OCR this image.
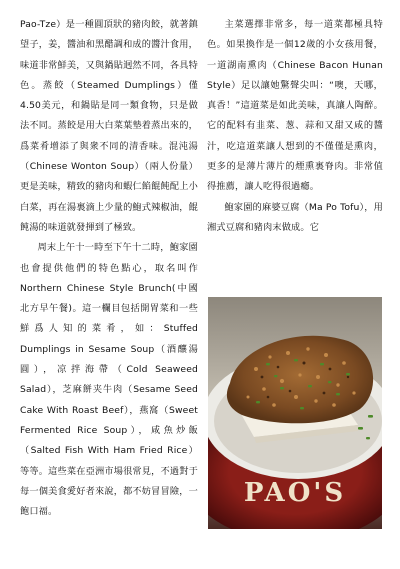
Pao-Tze）是一種圓頂狀的豬肉餃，就著鎮望子，姜，醬油和黑醋調和成的醬汁食用，味道非常鮮美，又與鍋貼迥然不同，各具特色。蒸餃（Steamed Dumplings）僅4.50美元，和鍋貼是同一類食物，只是做法不同。蒸餃是用大白菜葉墊着蒸出來的，爲菜肴增添了與衆不同的清香味。混沌湯（Chinese Wonton Soup）（兩人份量）更是美味，精致的豬肉和蝦仁餡餛飩配上小白菜，再在湯裏滴上少量的鮑式辣椒油，餛飩湯的味道就發揮到了極致。

周末上午十一時至下午十二時，鮑家園也會提供他們的特色點心，取名叫作Northern Chinese Style Brunch(中國北方早午餐)。這一欄目包括開胃菜和一些鮮爲人知的菜肴，如：Stuffed Dumplings in Sesame Soup（酒釀湯圓），凉拌海帶（Cold Seaweed Salad），芝麻餅夹牛肉（Sesame Seed Cake With Roast Beef），燕窩（Sweet Fermented Rice Soup），咸魚炒飯（Salted Fish With Ham Fried Rice）等等。這些菜在亞洲市場很常見，不過對于每一個美食愛好者來說，都不妨冒冒險，一飽口福。

主菜選擇非常多，每一道菜都極具特色。如果換作是一個12歲的小女孩用餐，一道湖南熏肉（Chinese Bacon Hunan Style）足以讓她驚聲尖叫：“噢，天哪，真香！”這道菜是如此美味，真讓人陶醉。它的配料有韭菜、葱、蒜和又甜又咸的醬汁，吃這道菜讓人想到的不僅僅是熏肉，更多的是薄片薄片的煙熏裏脊肉。非常值得推薦，讓人吃得很過癮。

鮑家園的麻婆豆腐（Ma Po Tofu），用湘式豆腐和豬肉末做成。它

PAO'S
